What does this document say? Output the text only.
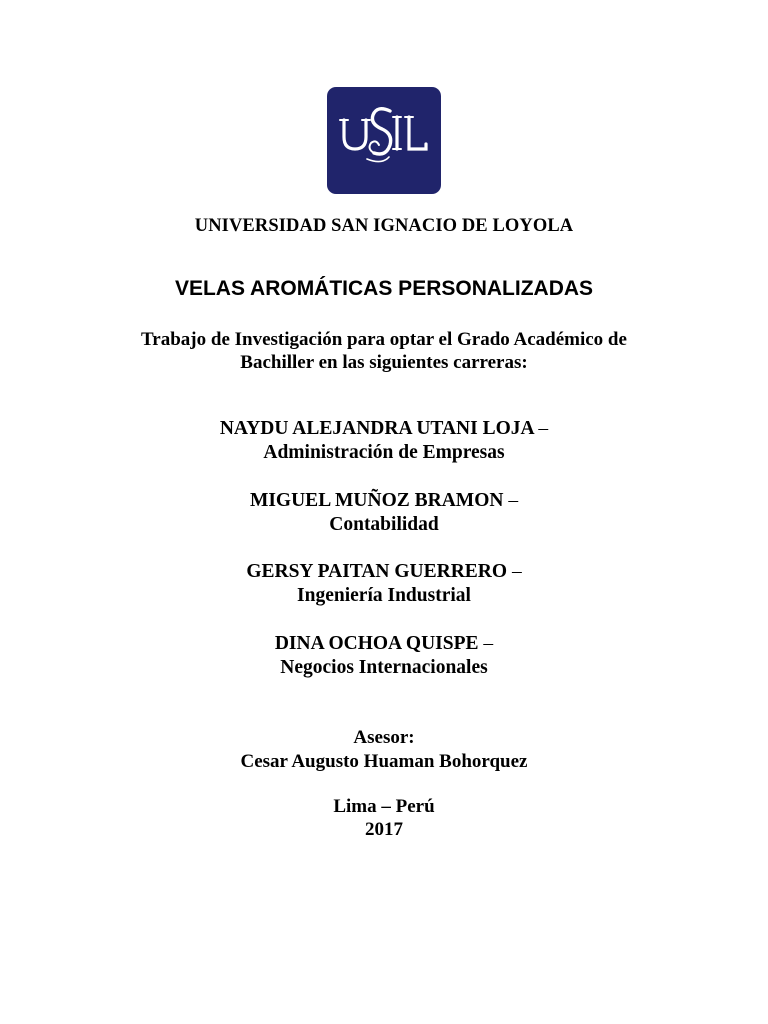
UNIVERSIDAD SAN IGNACIO DE LOYOLA
VELAS AROMÁTICAS PERSONALIZADAS
Trabajo de Investigación para optar el Grado Académico de
Bachiller en las siguientes carreras:
NAYDU ALEJANDRA UTANI LOJA –
Administración de Empresas
MIGUEL MUÑOZ BRAMON –
Contabilidad
GERSY PAITAN GUERRERO –
Ingeniería Industrial
DINA OCHOA QUISPE –
Negocios Internacionales
Asesor:
Cesar Augusto Huaman Bohorquez
Lima – Perú
2017
